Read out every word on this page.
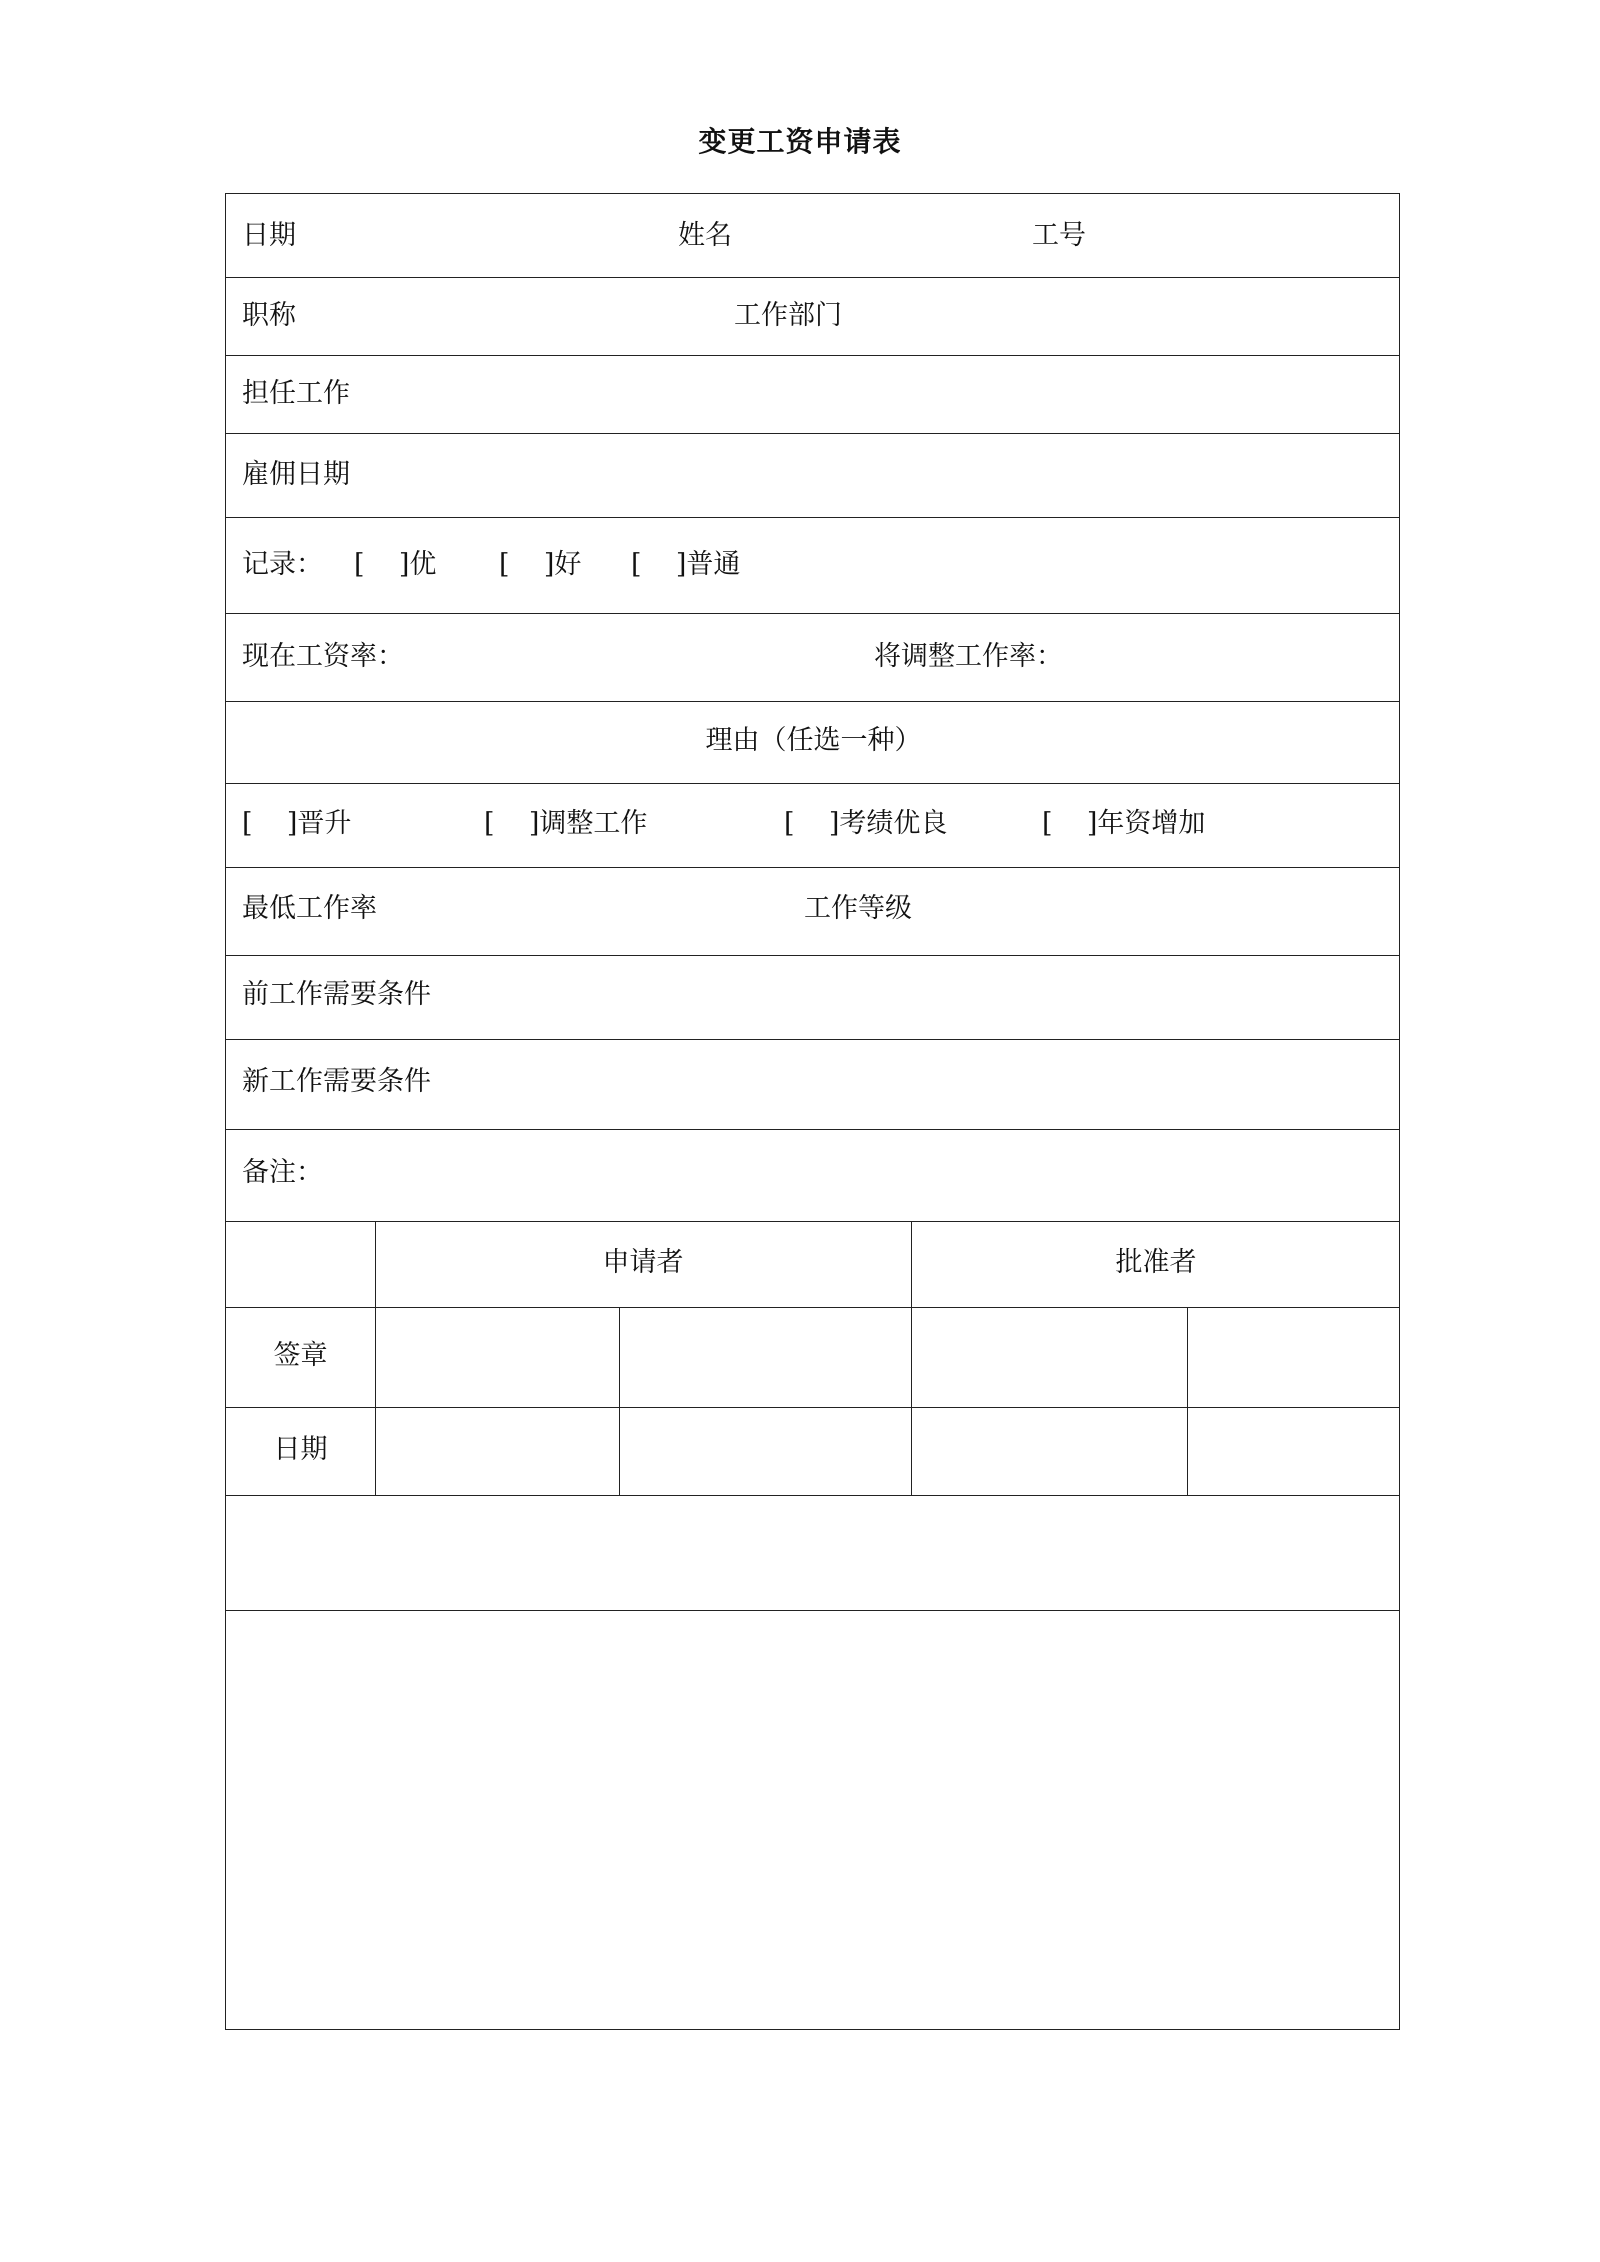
变更工资申请表
日期	姓名	工号
职称	工作部门
担任工作
雇佣日期
记录： [    ]优 [    ]好 [    ]普通
现在工资率：	将调整工作率：
理由（任选一种）
[    ]晋升	[    ]调整工作	[    ]考绩优良	[    ]年资增加
最低工作率	工作等级
前工作需要条件
新工作需要条件
备注：
申请者	批准者
签章
日期
